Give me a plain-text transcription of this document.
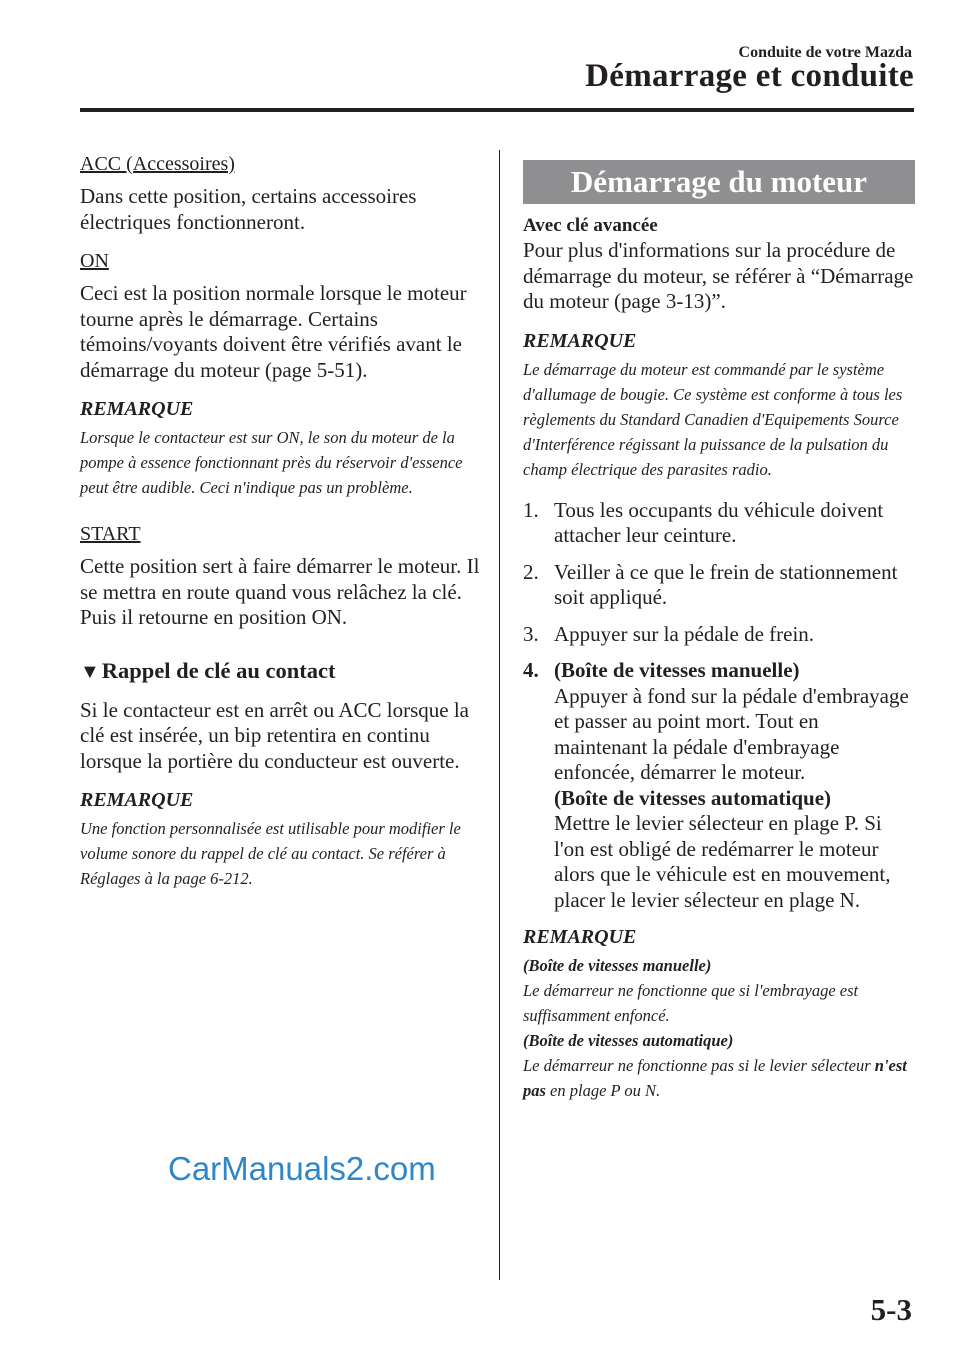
Conduite de votre Mazda
Démarrage et conduite

ACC (Accessoires)

Dans cette position, certains accessoires électriques fonctionneront.

ON

Ceci est la position normale lorsque le moteur tourne après le démarrage. Certains témoins/voyants doivent être vérifiés avant le démarrage du moteur (page 5-51).

REMARQUE

Lorsque le contacteur est sur ON, le son du moteur de la pompe à essence fonctionnant près du réservoir d'essence peut être audible. Ceci n'indique pas un problème.

START

Cette position sert à faire démarrer le moteur. Il se mettra en route quand vous relâchez la clé. Puis il retourne en position ON.

▼Rappel de clé au contact

Si le contacteur est en arrêt ou ACC lorsque la clé est insérée, un bip retentira en continu lorsque la portière du conducteur est ouverte.

REMARQUE

Une fonction personnalisée est utilisable pour modifier le volume sonore du rappel de clé au contact. Se référer à Réglages à la page 6-212.

Démarrage du moteur

Avec clé avancée

Pour plus d'informations sur la procédure de démarrage du moteur, se référer à “Démarrage du moteur (page 3-13)”.

REMARQUE

Le démarrage du moteur est commandé par le système d'allumage de bougie. Ce système est conforme à tous les règlements du Standard Canadien d'Equipements Source d'Interférence régissant la puissance de la pulsation du champ électrique des parasites radio.

1. Tous les occupants du véhicule doivent attacher leur ceinture.
2. Veiller à ce que le frein de stationnement soit appliqué.
3. Appuyer sur la pédale de frein.
4. (Boîte de vitesses manuelle)
Appuyer à fond sur la pédale d'embrayage et passer au point mort. Tout en maintenant la pédale d'embrayage enfoncée, démarrer le moteur.
(Boîte de vitesses automatique)
Mettre le levier sélecteur en plage P. Si l'on est obligé de redémarrer le moteur alors que le véhicule est en mouvement, placer le levier sélecteur en plage N.

REMARQUE

(Boîte de vitesses manuelle)
Le démarreur ne fonctionne que si l'embrayage est suffisamment enfoncé.
(Boîte de vitesses automatique)
Le démarreur ne fonctionne pas si le levier sélecteur n'est pas en plage P ou N.

CarManuals2.com
5-3
